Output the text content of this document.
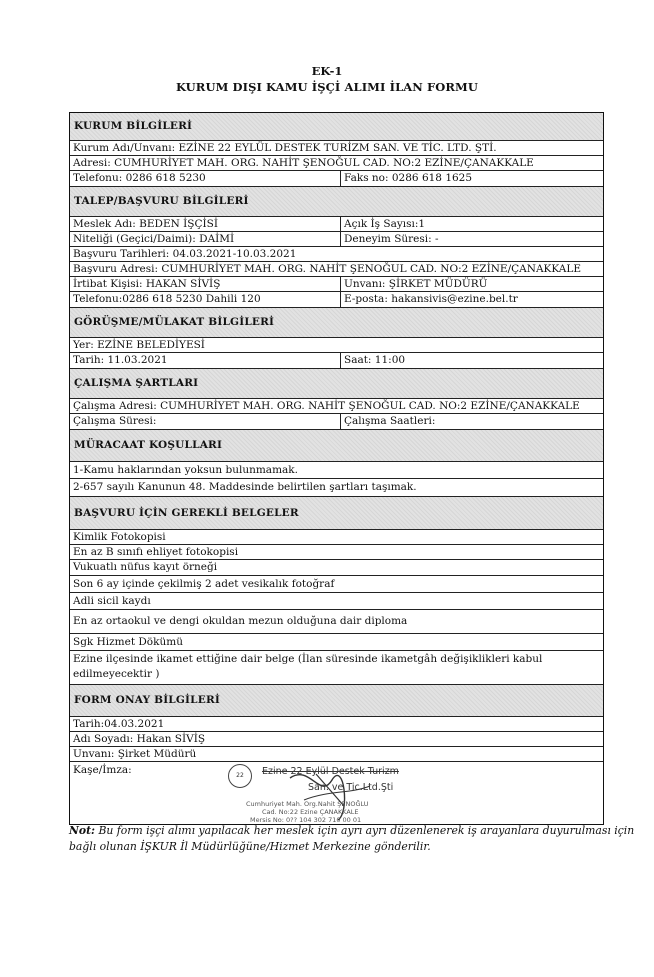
EK-1
KURUM DIŞI KAMU İŞÇİ ALIMI İLAN FORMU
KURUM BİLGİLERİ
Kurum Adı/Unvanı: EZİNE 22 EYLÜL DESTEK TURİZM SAN. VE TİC. LTD. ŞTİ.
Adresi: CUMHURİYET MAH. ORG. NAHİT ŞENOĞUL CAD. NO:2 EZİNE/ÇANAKKALE
Telefonu: 0286 618 5230	Faks no: 0286 618 1625
TALEP/BAŞVURU BİLGİLERİ
Meslek Adı: BEDEN İŞÇİSİ	Açık İş Sayısı:1
Niteliği (Geçici/Daimi): DAİMİ	Deneyim Süresi: -
Başvuru Tarihleri: 04.03.2021-10.03.2021
Başvuru Adresi: CUMHURİYET MAH. ORG. NAHİT ŞENOĞUL CAD. NO:2 EZİNE/ÇANAKKALE
İrtibat Kişisi: HAKAN SİVİŞ	Unvanı: ŞİRKET MÜDÜRÜ
Telefonu:0286 618 5230 Dahili 120	E-posta: hakansivis@ezine.bel.tr
GÖRÜŞME/MÜLAKAT BİLGİLERİ
Yer: EZİNE BELEDİYESİ
Tarih: 11.03.2021	Saat: 11:00
ÇALIŞMA ŞARTLARI
Çalışma Adresi: CUMHURİYET MAH. ORG. NAHİT ŞENOĞUL CAD. NO:2 EZİNE/ÇANAKKALE
Çalışma Süresi:	Çalışma Saatleri:
MÜRACAAT KOŞULLARI
1-Kamu haklarından yoksun bulunmamak.
2-657 sayılı Kanunun 48. Maddesinde belirtilen şartları taşımak.
BAŞVURU İÇİN GEREKLİ BELGELER
Kimlik Fotokopisi
En az B sınıfı ehliyet fotokopisi
Vukuatlı nüfus kayıt örneği
Son 6 ay içinde çekilmiş 2 adet vesikalık fotoğraf
Adli sicil kaydı
En az ortaokul ve dengi okuldan mezun olduğuna dair diploma
Sgk Hizmet Dökümü
Ezine ilçesinde ikamet ettiğine dair belge (İlan süresinde ikametgâh değişiklikleri kabul edilmeyecektir )
FORM ONAY BİLGİLERİ
Tarih:04.03.2021
Adı Soyadı: Hakan SİVİŞ
Unvanı: Şirket Müdürü
Kaşe/İmza:	22	Ezine 22 Eylül Destek Turizm
San. ve Tic.Ltd.Şti
Cumhuriyet Mah. Org.Nahit ŞENOĞLU
Cad. No:22 Ezine ÇANAKKALE
Mersis No: 0?? 104 302 710 00 01
Not: Bu form işçi alımı yapılacak her meslek için ayrı ayrı düzenlenerek iş arayanlara duyurulması için bağlı olunan İŞKUR İl Müdürlüğüne/Hizmet Merkezine gönderilir.
